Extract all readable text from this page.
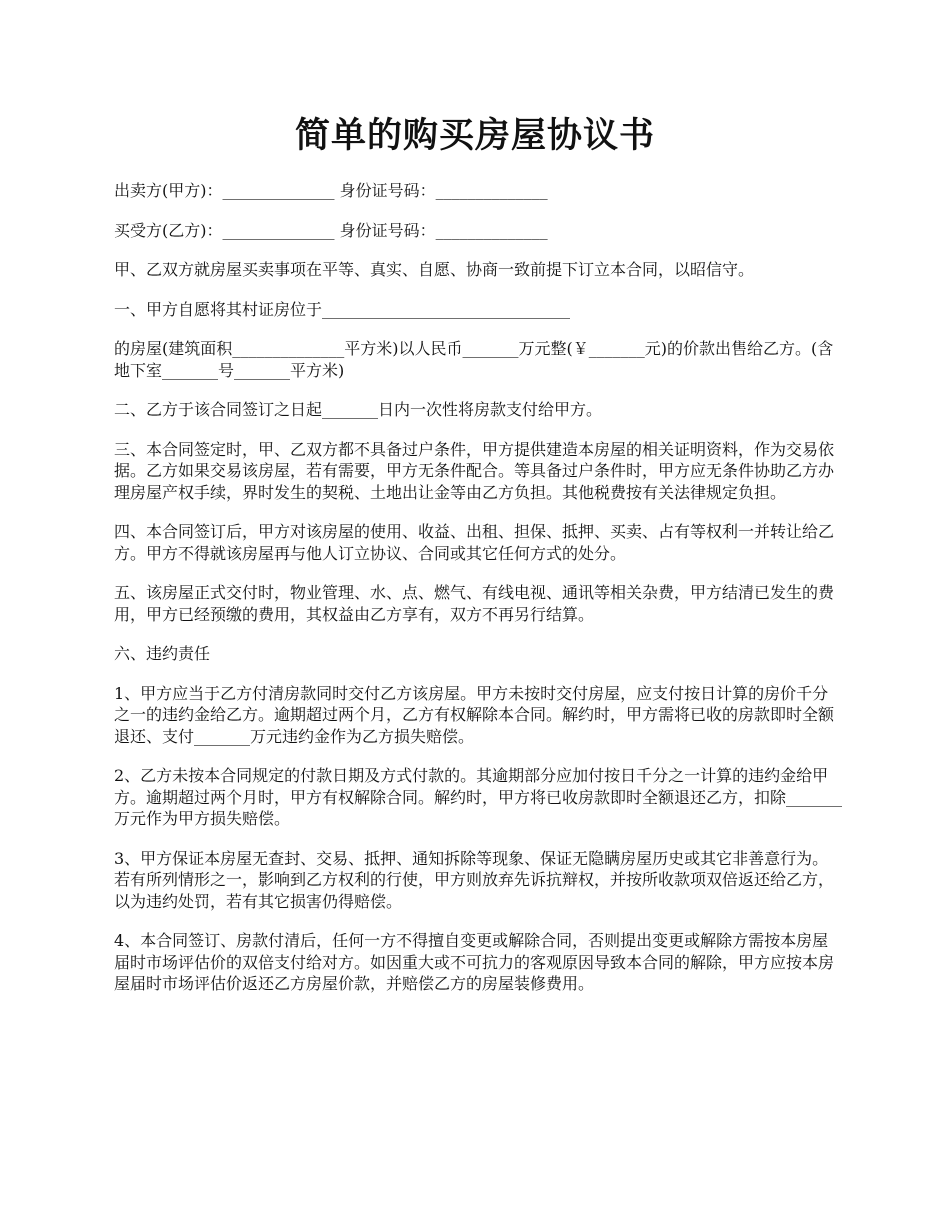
简单的购买房屋协议书

出卖方(甲方)：______________ 身份证号码：______________

买受方(乙方)：______________ 身份证号码：______________

甲、乙双方就房屋买卖事项在平等、真实、自愿、协商一致前提下订立本合同，以昭信守。

一、甲方自愿将其村证房位于_______________________________

的房屋(建筑面积______________平方米)以人民币_______万元整(￥_______元)的价款出售给乙方。(含地下室_______号_______平方米)

二、乙方于该合同签订之日起_______日内一次性将房款支付给甲方。

三、本合同签定时，甲、乙双方都不具备过户条件，甲方提供建造本房屋的相关证明资料，作为交易依据。乙方如果交易该房屋，若有需要，甲方无条件配合。等具备过户条件时，甲方应无条件协助乙方办理房屋产权手续，界时发生的契税、土地出让金等由乙方负担。其他税费按有关法律规定负担。

四、本合同签订后，甲方对该房屋的使用、收益、出租、担保、抵押、买卖、占有等权利一并转让给乙方。甲方不得就该房屋再与他人订立协议、合同或其它任何方式的处分。

五、该房屋正式交付时，物业管理、水、点、燃气、有线电视、通讯等相关杂费，甲方结清已发生的费用，甲方已经预缴的费用，其权益由乙方享有，双方不再另行结算。

六、违约责任

1、甲方应当于乙方付清房款同时交付乙方该房屋。甲方未按时交付房屋，应支付按日计算的房价千分之一的违约金给乙方。逾期超过两个月，乙方有权解除本合同。解约时，甲方需将已收的房款即时全额退还、支付_______万元违约金作为乙方损失赔偿。

2、乙方未按本合同规定的付款日期及方式付款的。其逾期部分应加付按日千分之一计算的违约金给甲方。逾期超过两个月时，甲方有权解除合同。解约时，甲方将已收房款即时全额退还乙方，扣除_______万元作为甲方损失赔偿。

3、甲方保证本房屋无查封、交易、抵押、通知拆除等现象、保证无隐瞒房屋历史或其它非善意行为。若有所列情形之一，影响到乙方权利的行使，甲方则放弃先诉抗辩权，并按所收款项双倍返还给乙方，以为违约处罚，若有其它损害仍得赔偿。

4、本合同签订、房款付清后，任何一方不得擅自变更或解除合同，否则提出变更或解除方需按本房屋届时市场评估价的双倍支付给对方。如因重大或不可抗力的客观原因导致本合同的解除，甲方应按本房屋届时市场评估价返还乙方房屋价款，并赔偿乙方的房屋装修费用。
